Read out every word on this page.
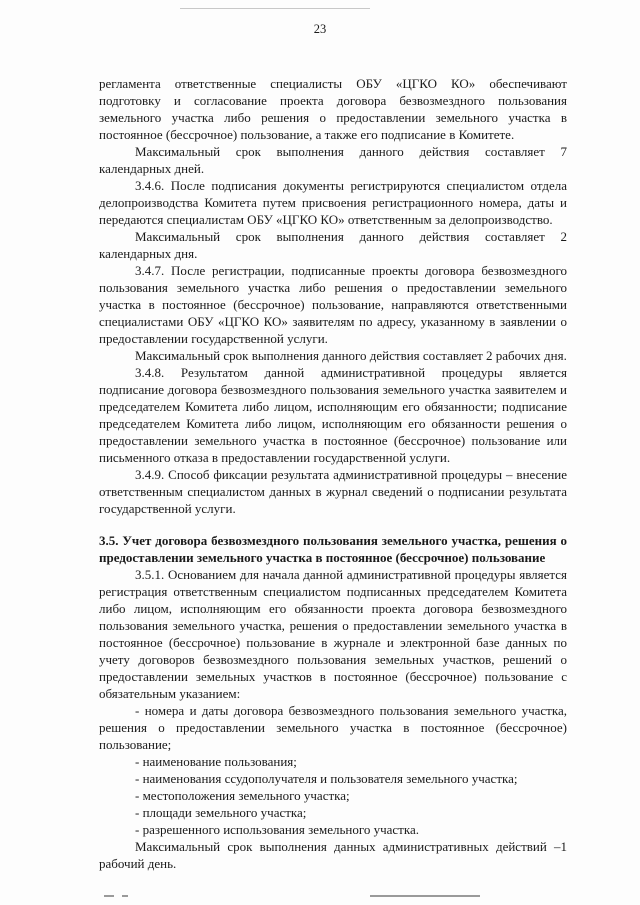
23

регламента ответственные специалисты ОБУ «ЦГКО КО» обеспечивают подготовку и согласование проекта договора безвозмездного пользования земельного участка либо решения о предоставлении земельного участка в постоянное (бессрочное) пользование, а также его подписание в Комитете.

Максимальный срок выполнения данного действия составляет 7 календарных дней.

3.4.6. После подписания документы регистрируются специалистом отдела делопроизводства Комитета путем присвоения регистрационного номера, даты и передаются специалистам ОБУ «ЦГКО КО» ответственным за делопроизводство.

Максимальный срок выполнения данного действия составляет 2 календарных дня.

3.4.7. После регистрации, подписанные проекты договора безвозмездного пользования земельного участка либо решения о предоставлении земельного участка в постоянное (бессрочное) пользование, направляются ответственными специалистами ОБУ «ЦГКО КО» заявителям по адресу, указанному в заявлении о предоставлении государственной услуги.

Максимальный срок выполнения данного действия составляет 2 рабочих дня.

3.4.8. Результатом данной административной процедуры является подписание договора безвозмездного пользования земельного участка заявителем и председателем Комитета либо лицом, исполняющим его обязанности; подписание председателем Комитета либо лицом, исполняющим его обязанности решения о предоставлении земельного участка в постоянное (бессрочное) пользование или письменного отказа в предоставлении государственной услуги.

3.4.9. Способ фиксации результата административной процедуры – внесение ответственным специалистом данных в журнал сведений о подписании результата государственной услуги.

3.5. Учет договора безвозмездного пользования земельного участка, решения о предоставлении земельного участка в постоянное (бессрочное) пользование

3.5.1. Основанием для начала данной административной процедуры является регистрация ответственным специалистом подписанных председателем Комитета либо лицом, исполняющим его обязанности проекта договора безвозмездного пользования земельного участка, решения о предоставлении земельного участка в постоянное (бессрочное) пользование в журнале и электронной базе данных по учету договоров безвозмездного пользования земельных участков, решений о предоставлении земельных участков в постоянное (бессрочное) пользование с обязательным указанием:

- номера и даты договора безвозмездного пользования земельного участка, решения о предоставлении земельного участка в постоянное (бессрочное) пользование;

- наименование пользования;

- наименования ссудополучателя и пользователя земельного участка;

- местоположения земельного участка;

- площади земельного участка;

- разрешенного использования земельного участка.

Максимальный срок выполнения данных административных действий –1 рабочий день.
